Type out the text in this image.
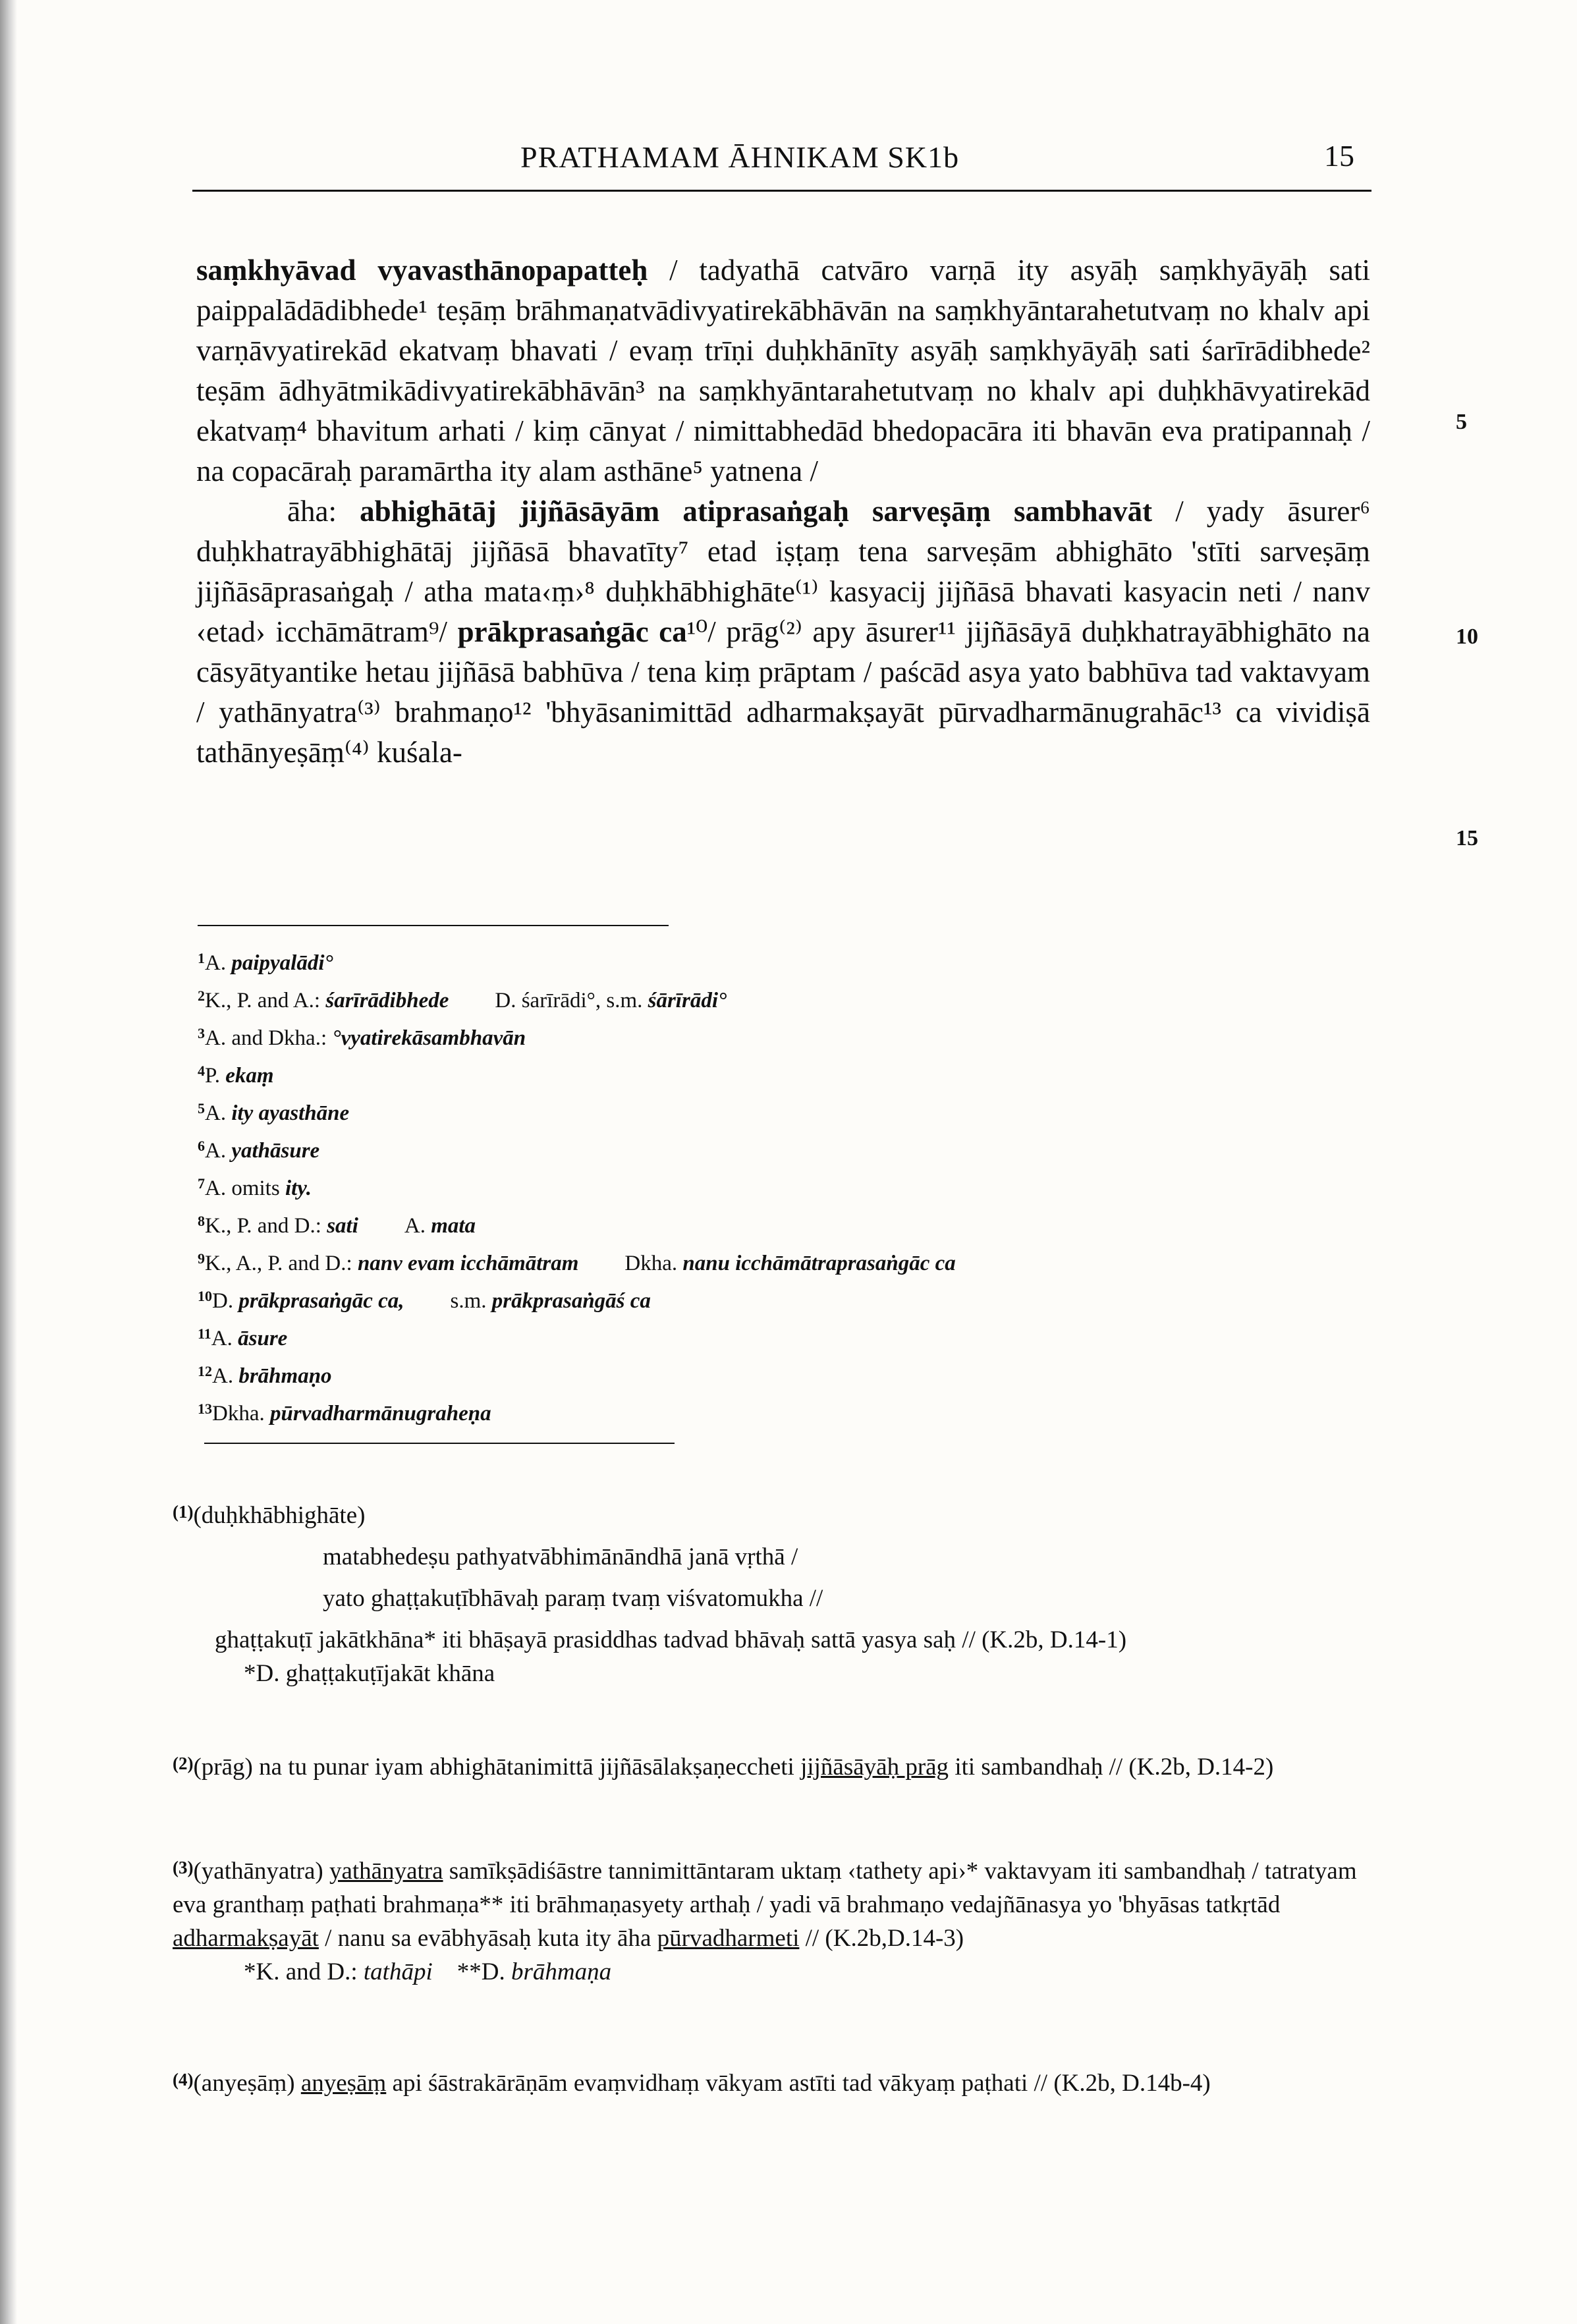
PRATHAMAM ĀHNIKAM SK1b	15

saṃkhyāvad vyavasthānopapatteḥ / tadyathā catvāro varṇā ity asyāḥ saṃkhyāyāḥ sati paippalādādibhede¹ teṣāṃ brāhmaṇatvādivyatirekābhāvān na saṃkhyāntarahetutvaṃ no khalv api varṇāvyatirekād ekatvaṃ bhavati / evaṃ trīṇi duḥkhānīty asyāḥ saṃkhyāyāḥ sati śarīrādibhede² teṣām ādhyātmikādivyatirekābhāvān³ na saṃkhyāntarahetutvaṃ no khalv api duḥkhāvyatirekād ekatvaṃ⁴ bhavitum arhati / kiṃ cānyat / nimittabhedād bhedopacāra iti bhavān eva pratipannaḥ / na copacāraḥ paramārtha ity alam asthāne⁵ yatnena /

āha: abhighātāj jijñāsāyām atiprasaṅgaḥ sarveṣāṃ sambhavāt / yady āsurer⁶ duḥkhatrayābhighātāj jijñāsā bhavatīty⁷ etad iṣṭaṃ tena sarveṣām abhighāto 'stīti sarveṣāṃ jijñāsāprasaṅgaḥ / atha mata‹ṃ›⁸ duḥkhābhighāte⁽¹⁾ kasyacij jijñāsā bhavati kasyacin neti / nanv ‹etad› icchāmātram⁹/ prākprasaṅgāc ca¹⁰/ prāg⁽²⁾ apy āsurer¹¹ jijñāsāyā duḥkhatrayābhighāto na cāsyātyantike hetau jijñāsā babhūva / tena kiṃ prāptam / paścād asya yato babhūva tad vaktavyam / yathānyatra⁽³⁾ brahmaṇo¹² 'bhyāsanimittād adharmakṣayāt pūrvadharmānugrahāc¹³ ca vividiṣā tathānyeṣāṃ⁽⁴⁾ kuśala-

5
10
15
$^1$A. paipyalādi°
$^2$K., P. and A.: śarīrādibhede D. śarīrādi°, s.m. śārīrādi°
$^3$A. and Dkha.: °vyatirekāsambhavān
$^4$P. ekaṃ
$^5$A. ity ayasthāne
$^6$A. yathāsure
$^7$A. omits ity.
$^8$K., P. and D.: sati A. mata
$^9$K., A., P. and D.: nanv evam icchāmātram Dkha. nanu icchāmātraprasaṅgāc ca
$^{10}$D. prākprasaṅgāc ca, s.m. prākprasaṅgāś ca
$^{11}$A. āsure
$^{12}$A. brāhmaṇo
$^{13}$Dkha. pūrvadharmānugraheṇa
$^{(1)}$(duḥkhābhighāte)
matabhedeṣu pathyatvābhimānāndhā janā vṛthā /
yato ghaṭṭakuṭībhāvaḥ paraṃ tvaṃ viśvatomukha //
ghaṭṭakuṭī jakātkhāna* iti bhāṣayā prasiddhas tadvad bhāvaḥ sattā yasya saḥ // (K.2b, D.14-1)
*D. ghaṭṭakuṭījakāt khāna
$^{(2)}$(prāg) na tu punar iyam abhighātanimittā jijñāsālakṣaṇeccheti jijñāsāyāḥ prāg iti sambandhaḥ // (K.2b, D.14-2)
$^{(3)}$(yathānyatra) yathānyatra samīkṣādiśāstre tannimittāntaram uktaṃ ‹tathety api›* vaktavyam iti sambandhaḥ / tatratyam eva granthaṃ paṭhati brahmaṇa** iti brāhmaṇasyety arthaḥ / yadi vā brahmaṇo vedajñānasya yo 'bhyāsas tatkṛtād adharmakṣayāt / nanu sa evābhyāsaḥ kuta ity āha pūrvadharmeti // (K.2b,D.14-3)
*K. and D.: tathāpi **D. brāhmaṇa
$^{(4)}$(anyeṣāṃ) anyeṣāṃ api śāstrakārāṇām evaṃvidhaṃ vākyam astīti tad vākyaṃ paṭhati // (K.2b, D.14b-4)
